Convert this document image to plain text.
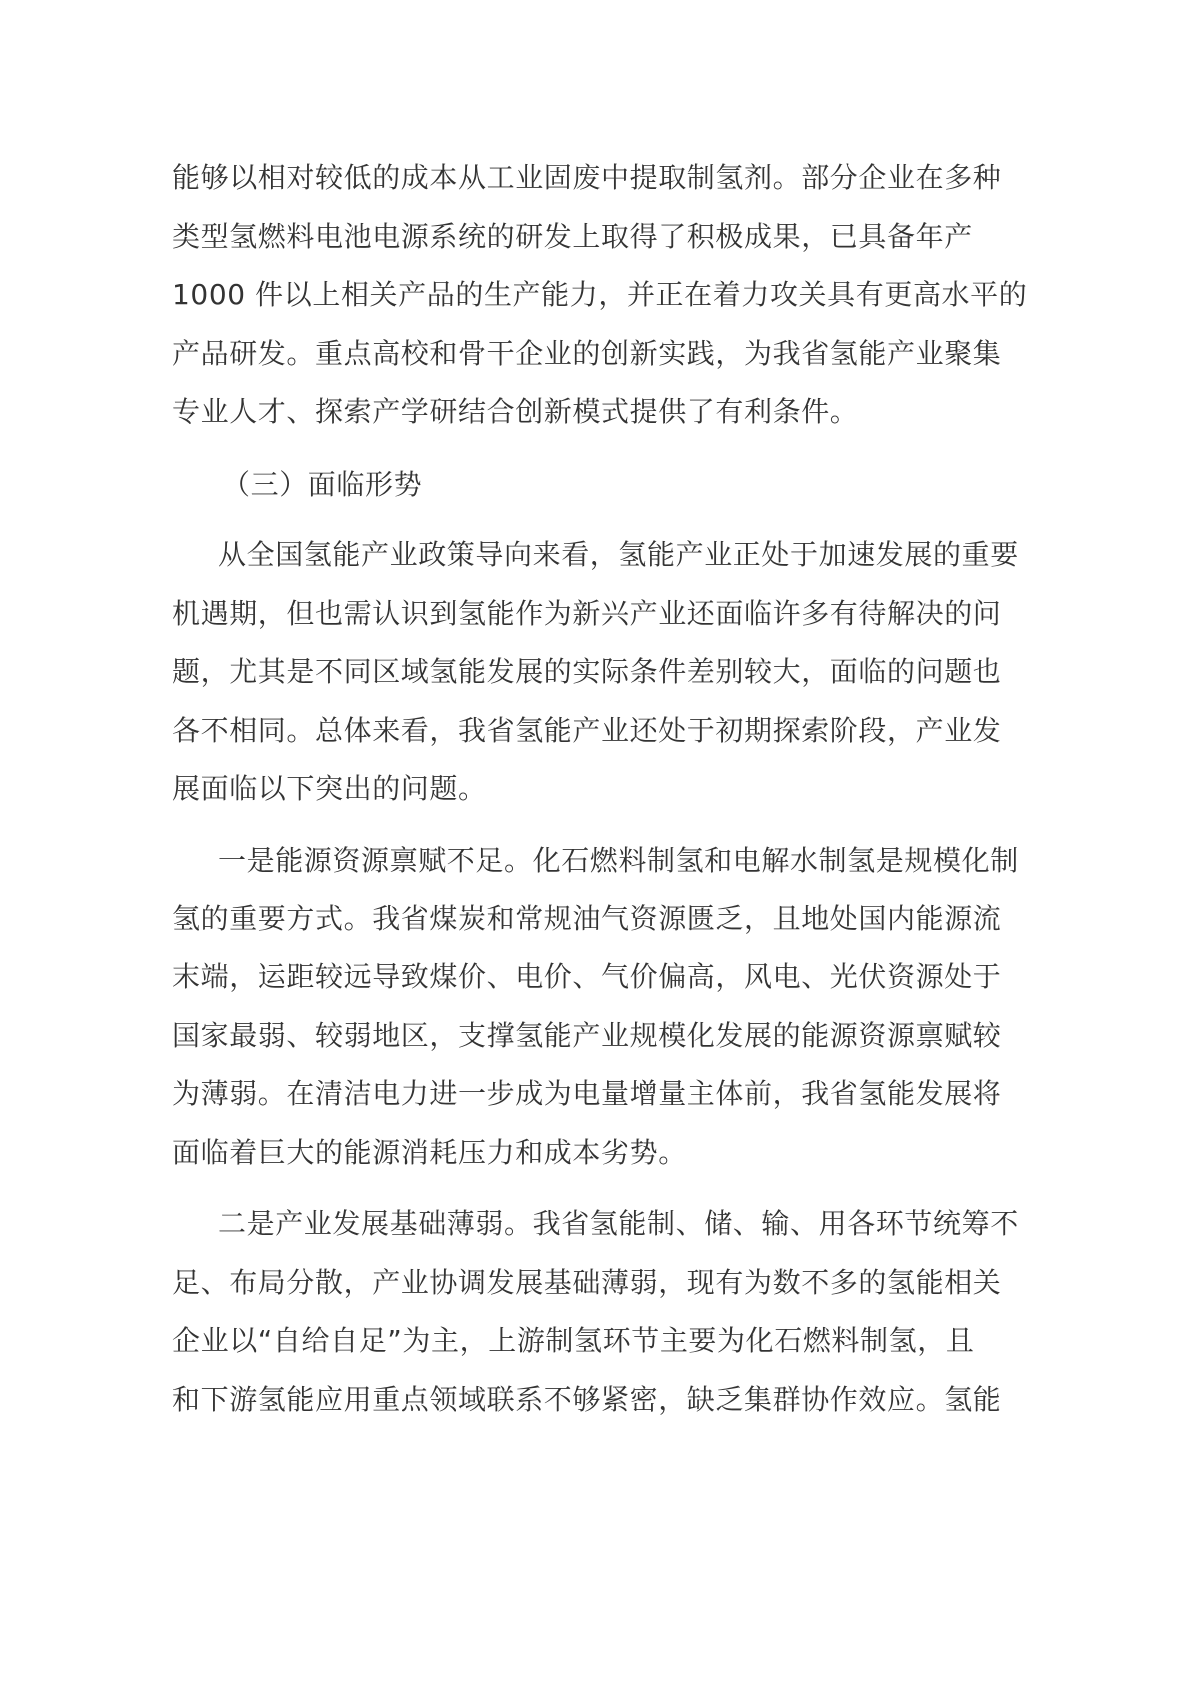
能够以相对较低的成本从工业固废中提取制氢剂。部分企业在多种
类型氢燃料电池电源系统的研发上取得了积极成果，已具备年产
1000 件以上相关产品的生产能力，并正在着力攻关具有更高水平的
产品研发。重点高校和骨干企业的创新实践，为我省氢能产业聚集
专业人才、探索产学研结合创新模式提供了有利条件。
（三）面临形势
从全国氢能产业政策导向来看，氢能产业正处于加速发展的重要
机遇期，但也需认识到氢能作为新兴产业还面临许多有待解决的问
题，尤其是不同区域氢能发展的实际条件差别较大，面临的问题也
各不相同。总体来看，我省氢能产业还处于初期探索阶段，产业发
展面临以下突出的问题。
一是能源资源禀赋不足。化石燃料制氢和电解水制氢是规模化制
氢的重要方式。我省煤炭和常规油气资源匮乏，且地处国内能源流
末端，运距较远导致煤价、电价、气价偏高，风电、光伏资源处于
国家最弱、较弱地区，支撑氢能产业规模化发展的能源资源禀赋较
为薄弱。在清洁电力进一步成为电量增量主体前，我省氢能发展将
面临着巨大的能源消耗压力和成本劣势。
二是产业发展基础薄弱。我省氢能制、储、输、用各环节统筹不
足、布局分散，产业协调发展基础薄弱，现有为数不多的氢能相关
企业以“自给自足”为主，上游制氢环节主要为化石燃料制氢，且
和下游氢能应用重点领域联系不够紧密，缺乏集群协作效应。氢能
